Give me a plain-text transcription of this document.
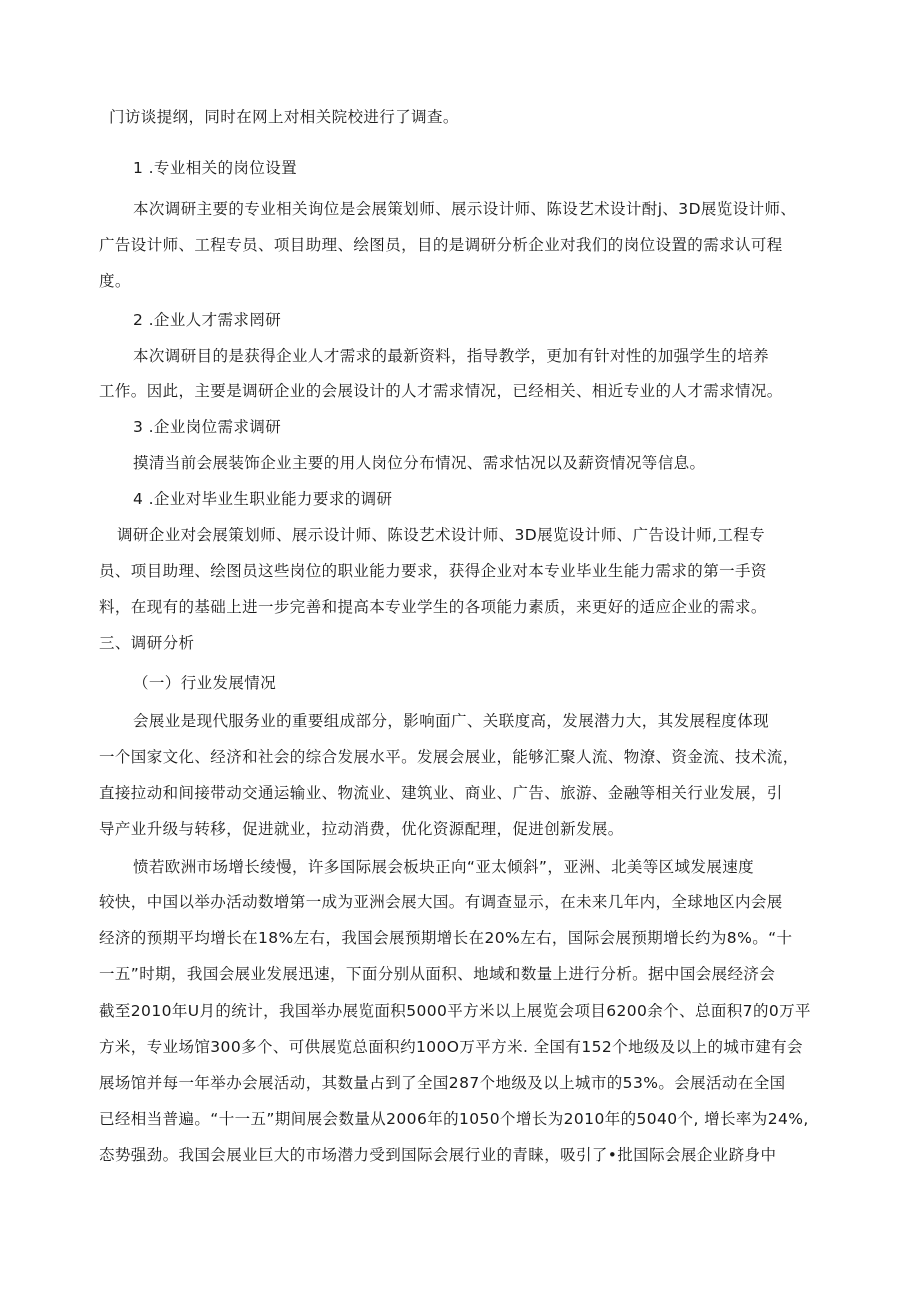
门访谈提纲，同时在网上对相关院校进行了调查。
1 .专业相关的岗位设置
本次调研主要的专业相关询位是会展策划师、展示设计师、陈设艺术设计酎j、3D展览设计师、
广告设计师、工程专员、项目助理、绘图员，目的是调研分析企业对我们的岗位设置的需求认可程
度。
2 .企业人才需求罔研
本次调研目的是获得企业人才需求的最新资料，指导教学，更加有针对性的加强学生的培养
工作。因此，主要是调研企业的会展设计的人才需求情况，已经相关、相近专业的人才需求情况。
3 .企业岗位需求调研
摸清当前会展装饰企业主要的用人岗位分布情况、需求怙况以及薪资情况等信息。
4 .企业对毕业生职业能力要求的调研
调研企业对会展策划师、展示设计师、陈设艺术设计师、3D展览设计师、广告设计师,工程专
员、项目助理、绘图员这些岗位的职业能力要求，获得企业对本专业毕业生能力需求的第一手资
料，在现有的基础上进一步完善和提高本专业学生的各项能力素质，来更好的适应企业的需求。
三、调研分析
（一）行业发展情况
会展业是现代服务业的重要组成部分，影响面广、关联度高，发展潜力大，其发展程度体现
一个国家文化、经济和社会的综合发展水平。发展会展业，能够汇聚人流、物潦、资金流、技术流，
直接拉动和间接带动交通运输业、物流业、建筑业、商业、广告、旅游、金融等相关行业发展，引
导产业升级与转移，促进就业，拉动消费，优化资源配理，促进创新发展。
愤若欧洲市场增长绫慢，许多国际展会板块正向“亚太倾斜”，亚洲、北美等区域发展速度
较快，中国以举办活动数增第一成为亚洲会展大国。有调查显示，在未来几年内，全球地区内会展
经济的预期平均增长在18%左右，我国会展预期增长在20%左右，国际会展预期增长约为8%。“十
一五”时期，我国会展业发展迅速，下面分别从面积、地域和数量上进行分析。据中国会展经济会
截至2010年U月的统计，我国举办展览面积5000平方米以上展览会项目6200余个、总面积7的0万平
方米，专业场馆300多个、可供展览总面积约100O万平方米. 全国有152个地级及以上的城市建有会
展场馆并每一年举办会展活动，其数量占到了全国287个地级及以上城市的53%。会展活动在全国
已经相当普遍。“十一五”期间展会数量从2006年的1050个增长为2010年的5040个, 增长率为24%,
态势强劲。我国会展业巨大的市场潜力受到国际会展行业的青睐，吸引了•批国际会展企业跻身中
